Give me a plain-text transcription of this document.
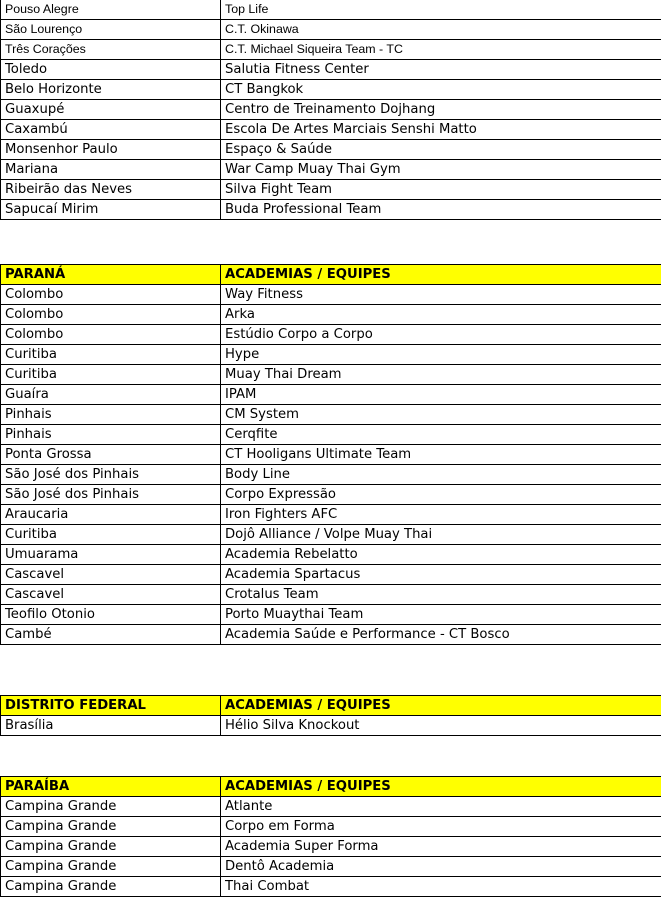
Pouso Alegre	Top Life
São Lourenço	C.T. Okinawa
Três Corações	C.T. Michael Siqueira Team - TC
Toledo	Salutia Fitness Center
Belo Horizonte	CT Bangkok
Guaxupé	Centro de Treinamento Dojhang
Caxambú	Escola De Artes Marciais Senshi Matto
Monsenhor Paulo	Espaço & Saúde
Mariana	War Camp Muay Thai Gym
Ribeirão das Neves	Silva Fight Team
Sapucaí Mirim	Buda Professional Team
PARANÁ	ACADEMIAS / EQUIPES
Colombo	Way Fitness
Colombo	Arka
Colombo	Estúdio Corpo a Corpo
Curitiba	Hype
Curitiba	Muay Thai Dream
Guaíra	IPAM
Pinhais	CM System
Pinhais	Cerqfite
Ponta Grossa	CT Hooligans Ultimate Team
São José dos Pinhais	Body Line
São José dos Pinhais	Corpo Expressão
Araucaria	Iron Fighters AFC
Curitiba	Dojô Alliance / Volpe Muay Thai
Umuarama	Academia Rebelatto
Cascavel	Academia Spartacus
Cascavel	Crotalus Team
Teofilo Otonio	Porto Muaythai Team
Cambé	Academia Saúde e Performance - CT Bosco
DISTRITO FEDERAL	ACADEMIAS / EQUIPES
Brasília	Hélio Silva Knockout
PARAÍBA	ACADEMIAS / EQUIPES
Campina Grande	Atlante
Campina Grande	Corpo em Forma
Campina Grande	Academia Super Forma
Campina Grande	Dentô Academia
Campina Grande	Thai Combat
